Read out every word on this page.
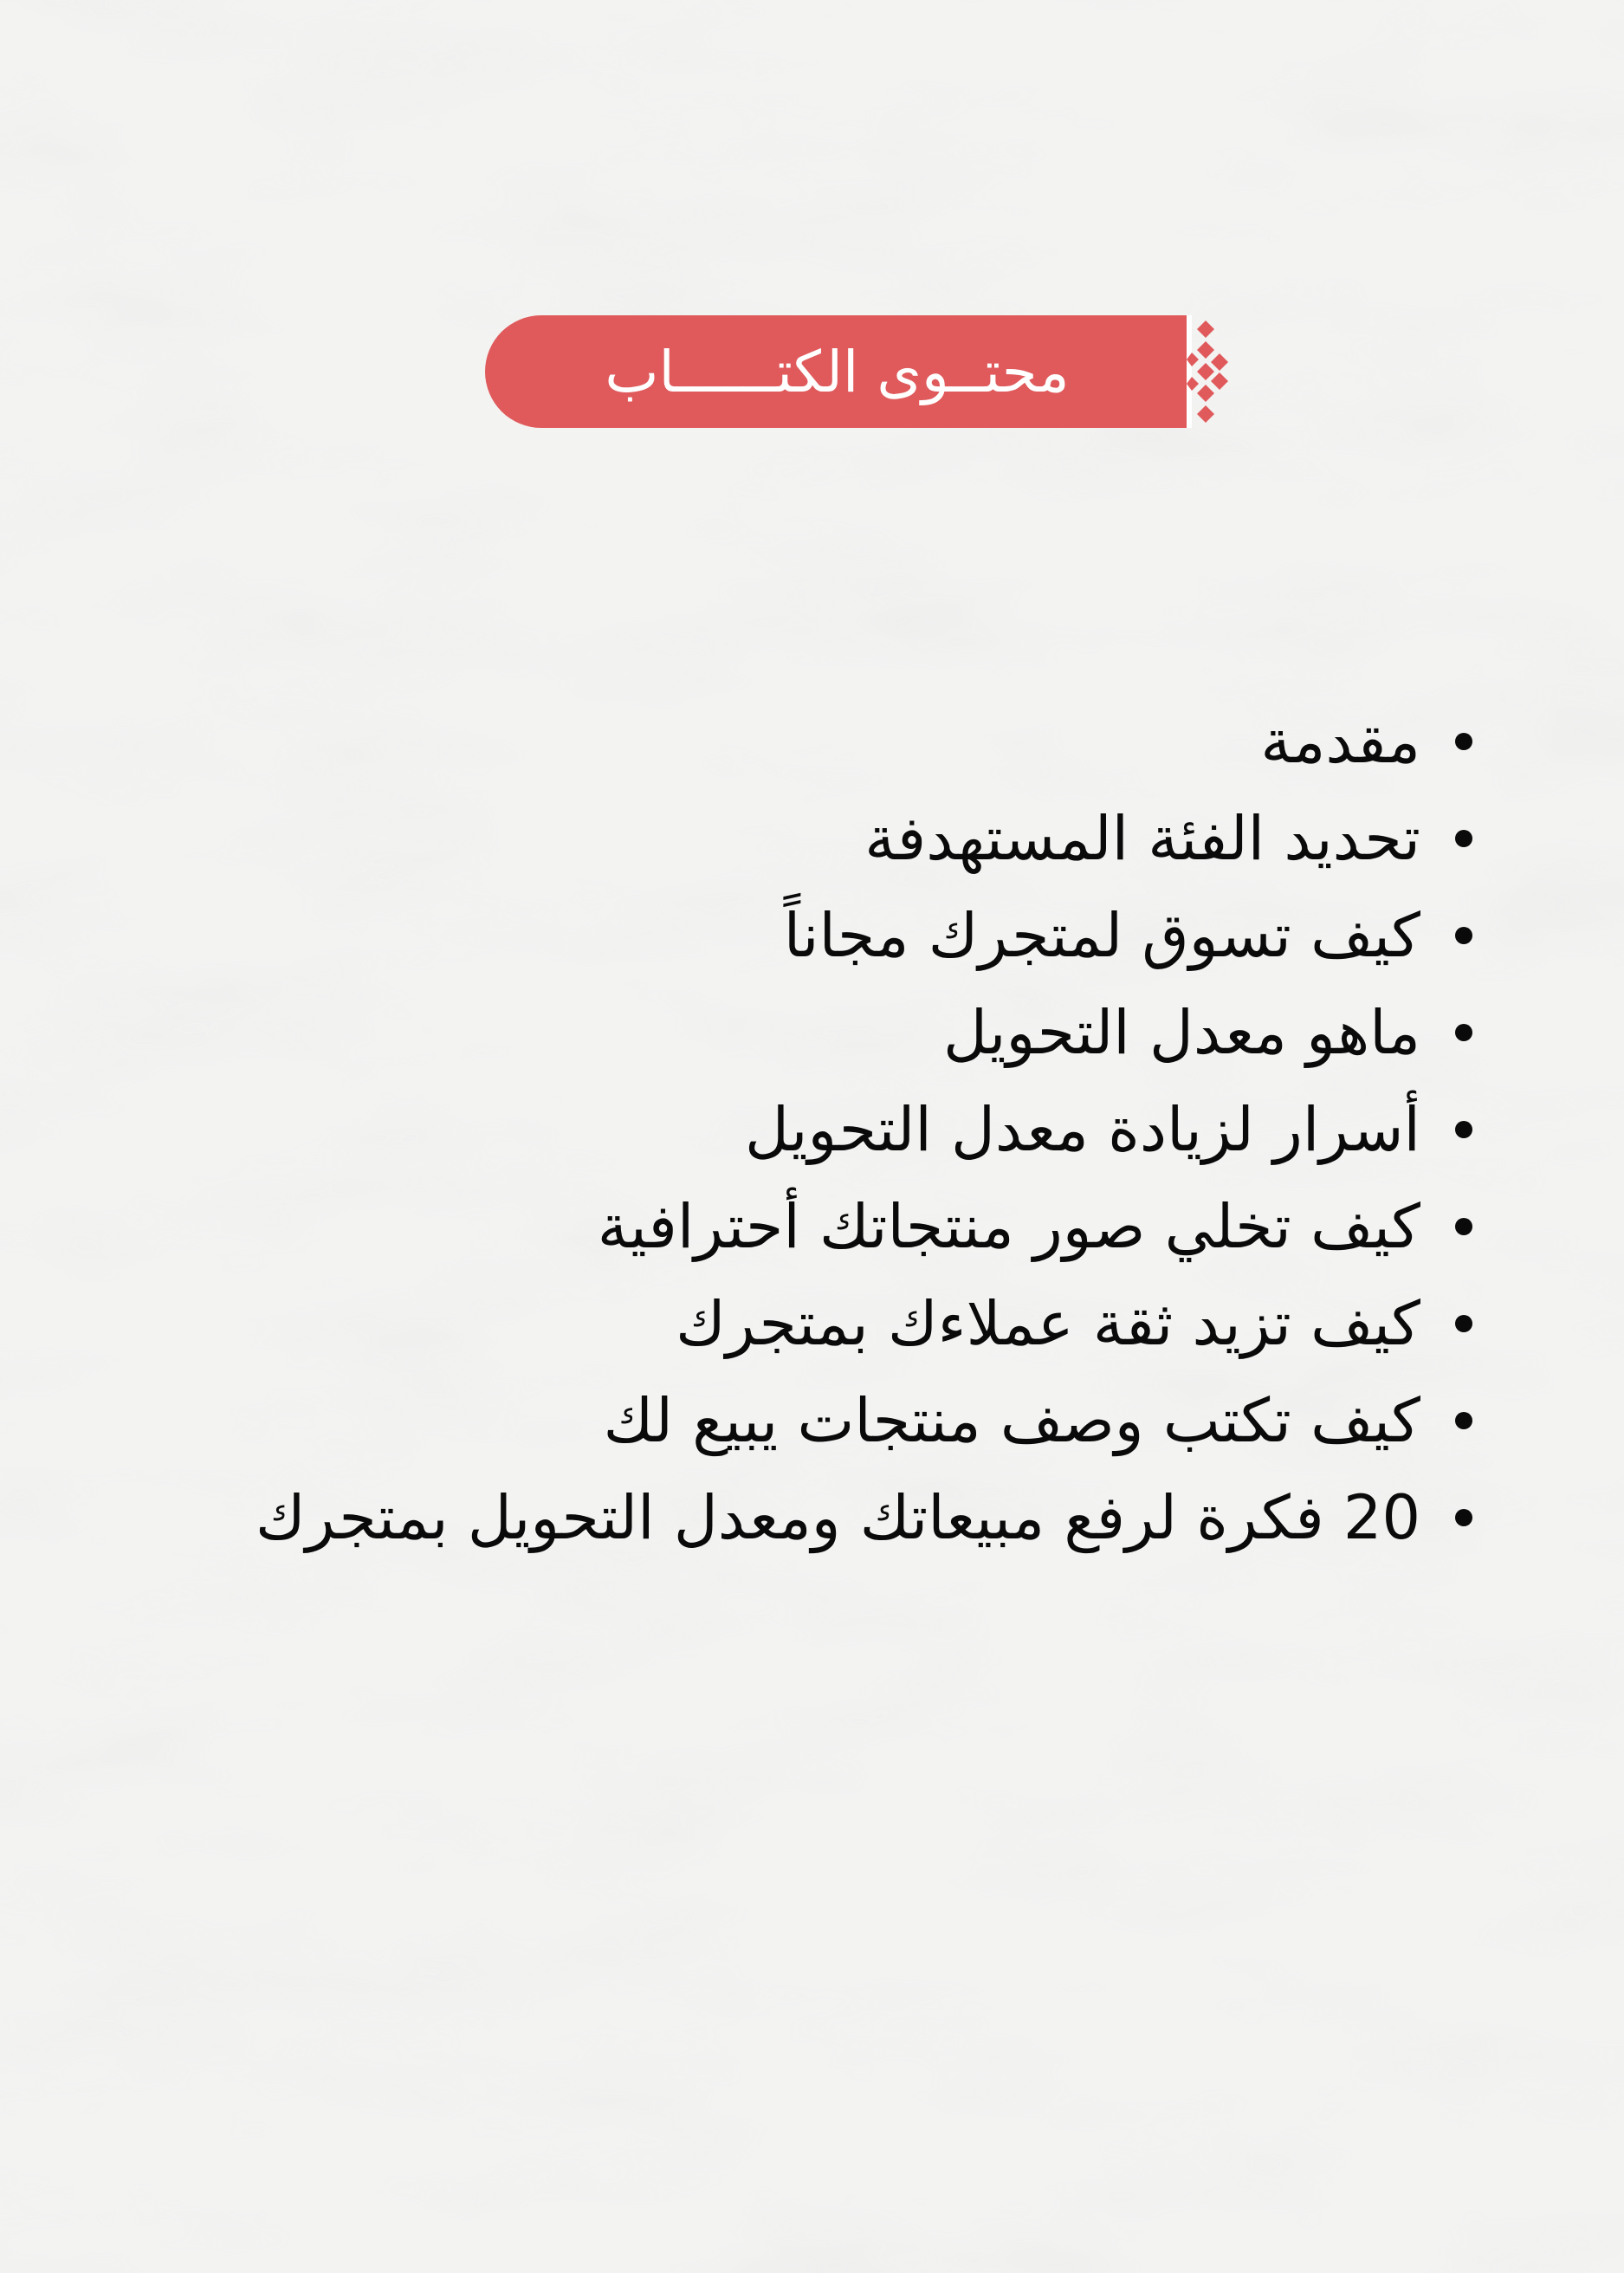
محتــوى الكتــــــاب
مقدمة
تحديد الفئة المستهدفة
كيف تسوق لمتجرك مجاناً
ماهو معدل التحويل
أسرار لزيادة معدل التحويل
كيف تخلي صور منتجاتك أحترافية
كيف تزيد ثقة عملاءك بمتجرك
كيف تكتب وصف منتجات يبيع لك
20 فكرة لرفع مبيعاتك ومعدل التحويل بمتجرك
